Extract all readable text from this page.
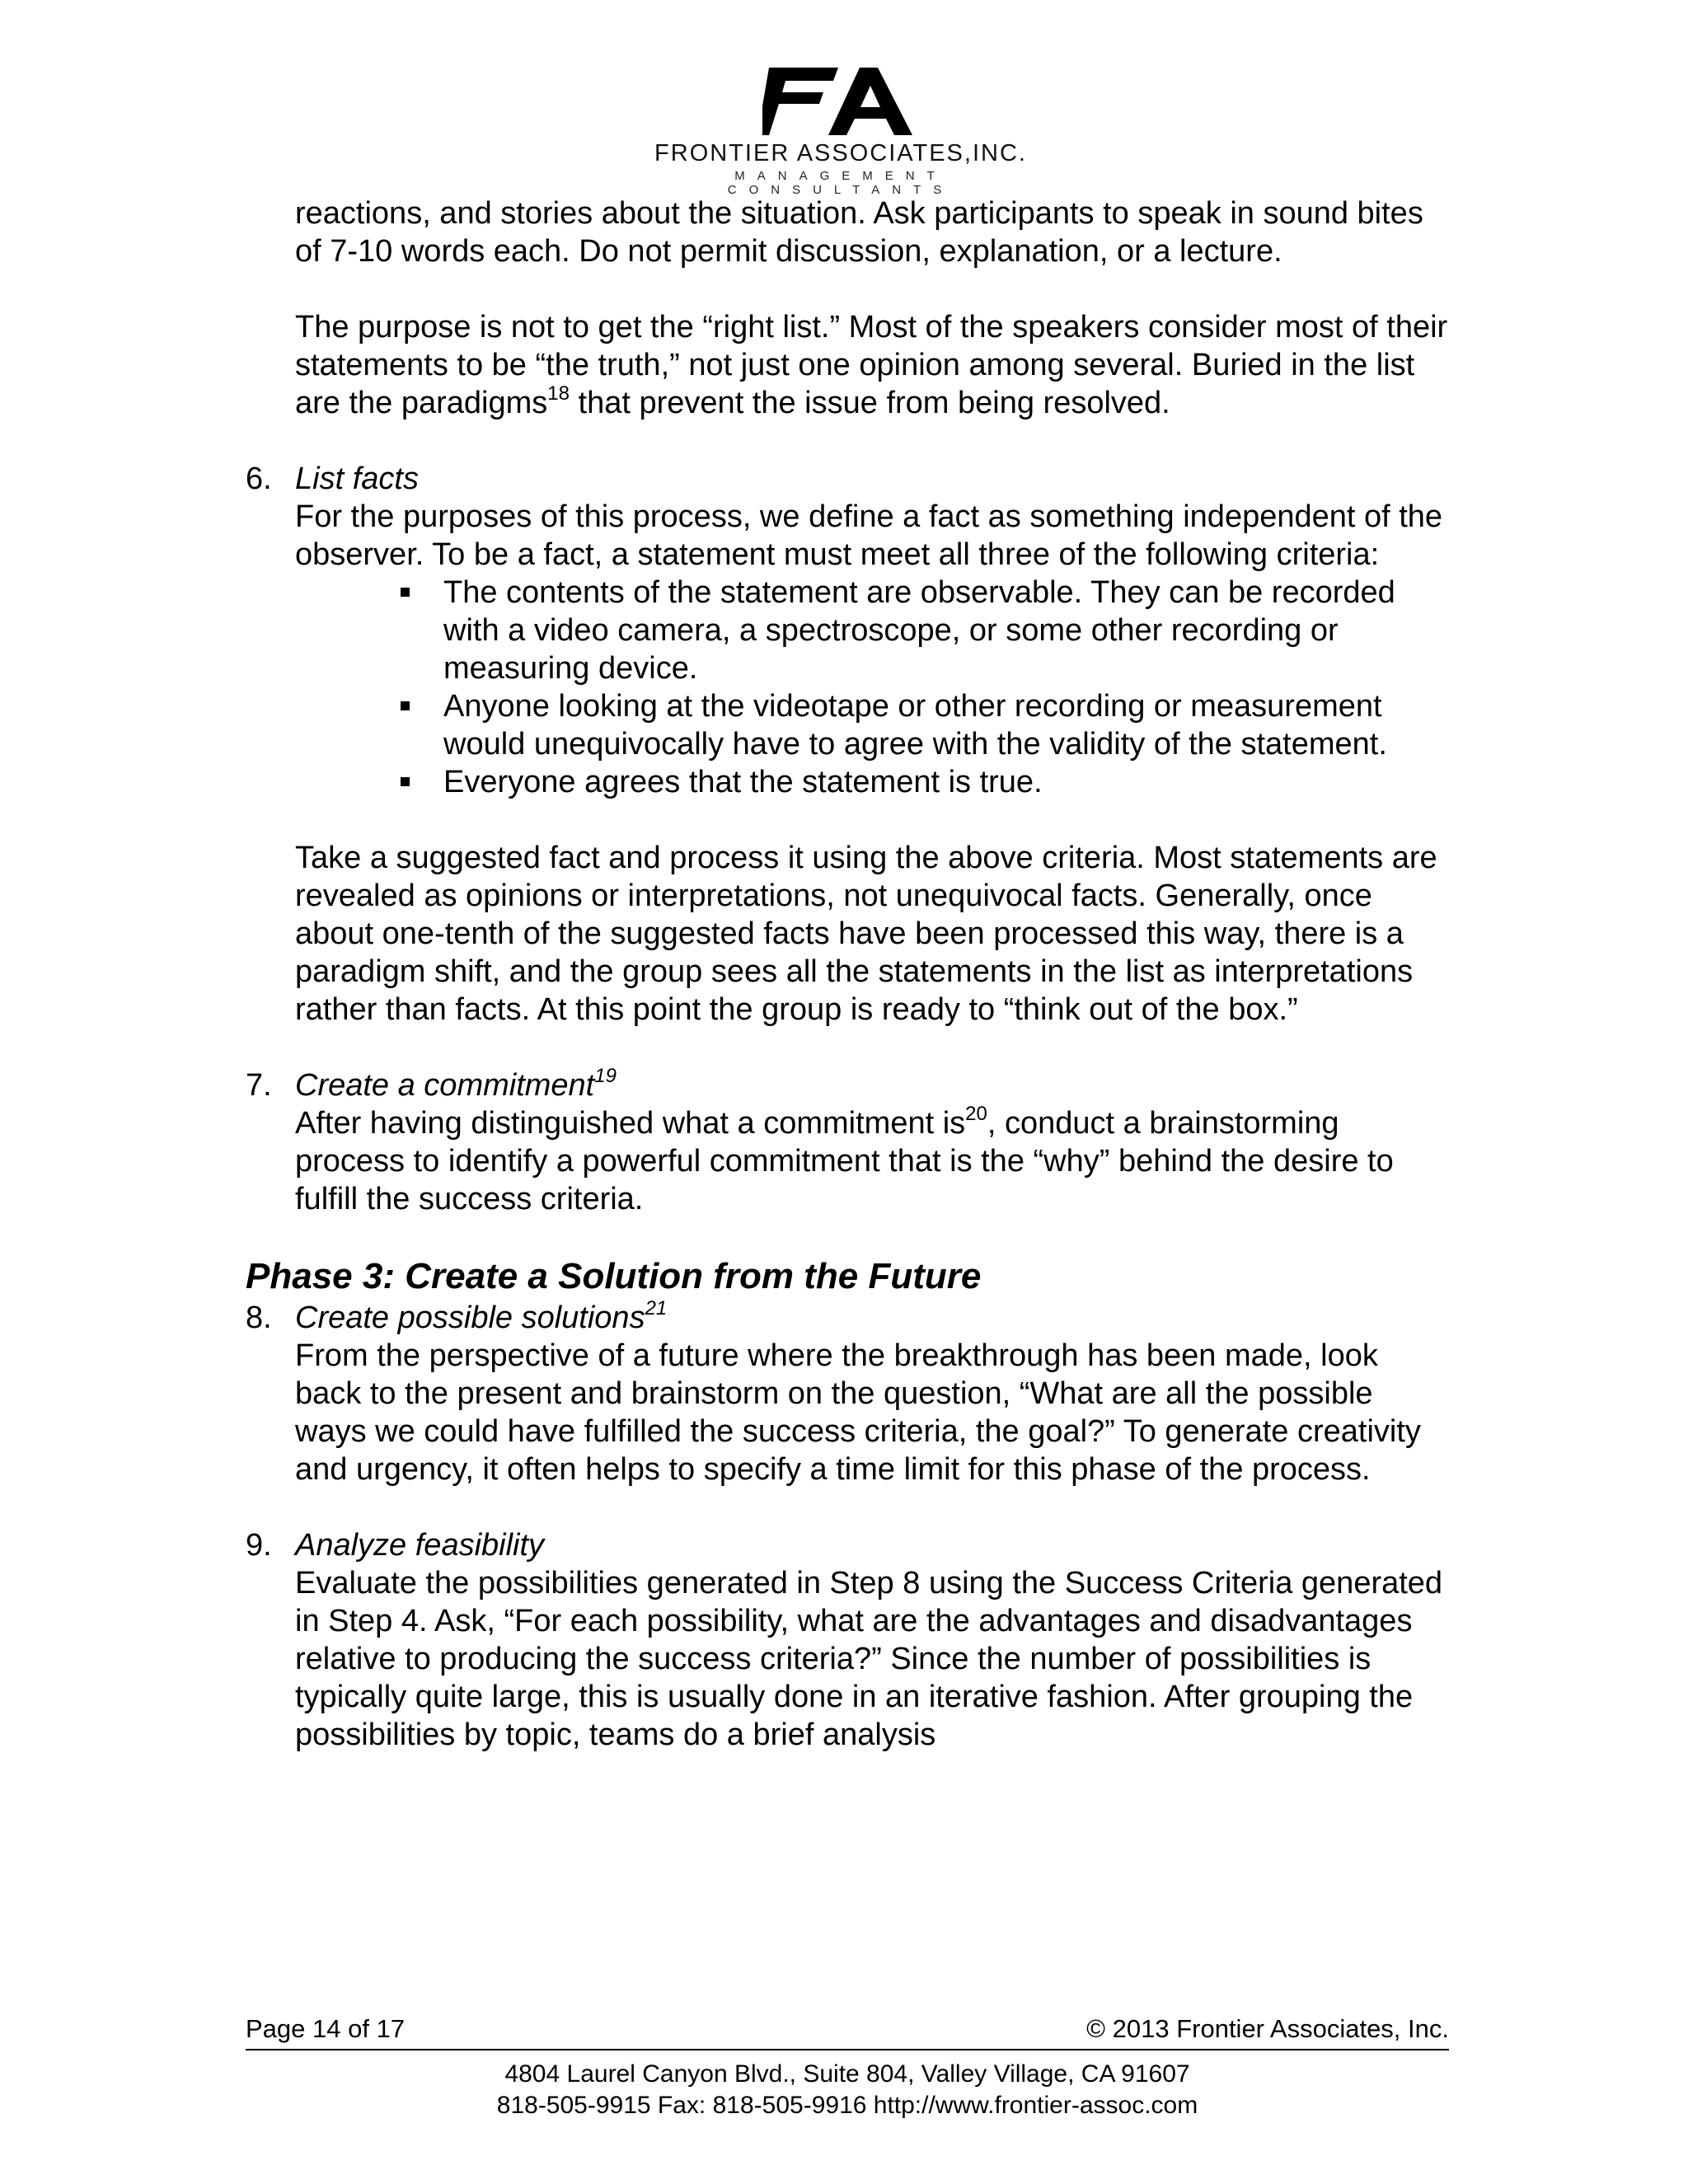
FRONTIER ASSOCIATES,INC.
MANAGEMENT CONSULTANTS

reactions, and stories about the situation. Ask participants to speak in sound bites of 7-10 words each. Do not permit discussion, explanation, or a lecture.

The purpose is not to get the “right list.” Most of the speakers consider most of their statements to be “the truth,” not just one opinion among several. Buried in the list are the paradigms$^{18}$ that prevent the issue from being resolved.

6. List facts
For the purposes of this process, we define a fact as something independent of the observer. To be a fact, a statement must meet all three of the following criteria:
The contents of the statement are observable. They can be recorded with a video camera, a spectroscope, or some other recording or measuring device.
Anyone looking at the videotape or other recording or measurement would unequivocally have to agree with the validity of the statement.
Everyone agrees that the statement is true.

Take a suggested fact and process it using the above criteria. Most statements are revealed as opinions or interpretations, not unequivocal facts. Generally, once about one-tenth of the suggested facts have been processed this way, there is a paradigm shift, and the group sees all the statements in the list as interpretations rather than facts. At this point the group is ready to “think out of the box.”

7. Create a commitment$^{19}$
After having distinguished what a commitment $is^{20}$, conduct a brainstorming process to identify a powerful commitment that is the “why” behind the desire to fulfill the success criteria.
Phase 3: Create a Solution from the Future
8. Create possible solutions$^{21}$
From the perspective of a future where the breakthrough has been made, look back to the present and brainstorm on the question, “What are all the possible ways we could have fulfilled the success criteria, the goal?” To generate creativity and urgency, it often helps to specify a time limit for this phase of the process.
9. Analyze feasibility
Evaluate the possibilities generated in Step 8 using the Success Criteria generated in Step 4. Ask, “For each possibility, what are the advantages and disadvantages relative to producing the success criteria?” Since the number of possibilities is typically quite large, this is usually done in an iterative fashion. After grouping the possibilities by topic, teams do a brief analysis
Page 14 of 17	© 2013 Frontier Associates, Inc.
4804 Laurel Canyon Blvd., Suite 804, Valley Village, CA 91607
818-505-9915 Fax: 818-505-9916 http://www.frontier-assoc.com
